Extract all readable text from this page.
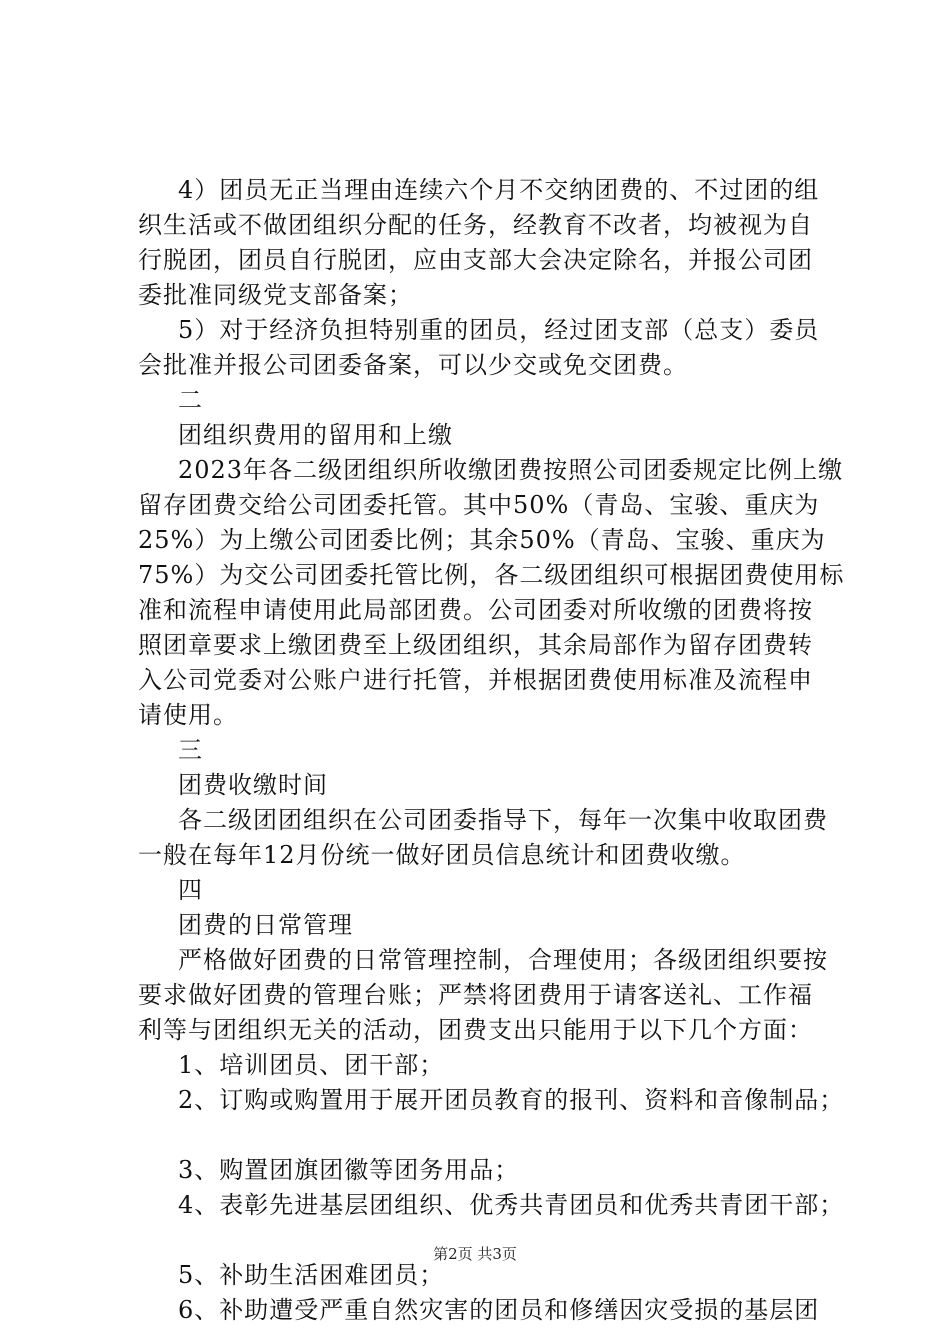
4）团员无正当理由连续六个月不交纳团费的、不过团的组
织生活或不做团组织分配的任务，经教育不改者，均被视为自
行脱团，团员自行脱团，应由支部大会决定除名，并报公司团
委批准同级党支部备案；
5）对于经济负担特别重的团员，经过团支部（总支）委员
会批准并报公司团委备案，可以少交或免交团费。
二
团组织费用的留用和上缴
2023年各二级团组织所收缴团费按照公司团委规定比例上缴
留存团费交给公司团委托管。其中50%（青岛、宝骏、重庆为
25%）为上缴公司团委比例；其余50%（青岛、宝骏、重庆为
75%）为交公司团委托管比例，各二级团组织可根据团费使用标
准和流程申请使用此局部团费。公司团委对所收缴的团费将按
照团章要求上缴团费至上级团组织，其余局部作为留存团费转
入公司党委对公账户进行托管，并根据团费使用标准及流程申
请使用。
三
团费收缴时间
各二级团团组织在公司团委指导下，每年一次集中收取团费
一般在每年12月份统一做好团员信息统计和团费收缴。
四
团费的日常管理
严格做好团费的日常管理控制，合理使用；各级团组织要按
要求做好团费的管理台账；严禁将团费用于请客送礼、工作福
利等与团组织无关的活动，团费支出只能用于以下几个方面：
1、培训团员、团干部；
2、订购或购置用于展开团员教育的报刊、资料和音像制品；
3、购置团旗团徽等团务用品；
4、表彰先进基层团组织、优秀共青团员和优秀共青团干部；
5、补助生活困难团员；
6、补助遭受严重自然灾害的团员和修缮因灾受损的基层团
第2页 共3页
